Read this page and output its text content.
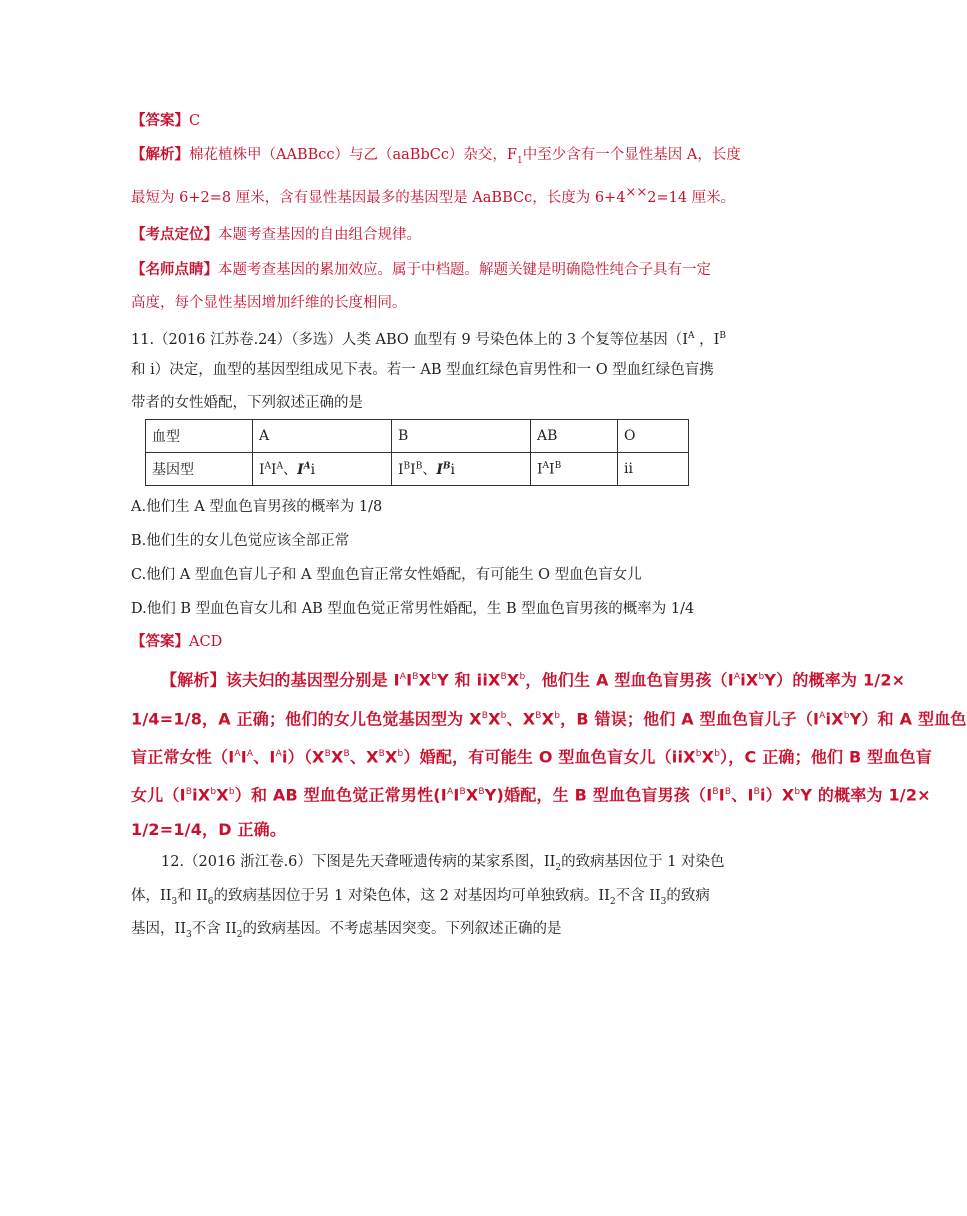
【答案】C
【解析】棉花植株甲（AABBcc）与乙（aaBbCc）杂交，$F_1$中至少含有一个显性基因 A，长度
最短为 6+2=8 厘米，含有显性基因最多的基因型是 AaBBCc，长度为 6+4××2=14 厘米。
【考点定位】本题考查基因的自由组合规律。
【名师点睛】本题考查基因的累加效应。属于中档题。解题关键是明确隐性纯合子具有一定
高度，每个显性基因增加纤维的长度相同。
11.（2016 江苏卷.24）（多选）人类 ABO 血型有 9 号染色体上的 3 个复等位基因（$I^A$ ，$I^B$
和 i）决定，血型的基因型组成见下表。若一 AB 型血红绿色盲男性和一 O 型血红绿色盲携
带者的女性婚配，下列叙述正确的是
血型	A	B	AB	O
基因型	$I^AI^A$、$I^Ai$	$I^BI^B$、$I^Bi$	$I^AI^B$	ii
A.他们生 A 型血色盲男孩的概率为 1/8
B.他们生的女儿色觉应该全部正常
C.他们 A 型血色盲儿子和 A 型血色盲正常女性婚配，有可能生 O 型血色盲女儿
D.他们 B 型血色盲女儿和 AB 型血色觉正常男性婚配，生 B 型血色盲男孩的概率为 1/4
【答案】ACD
【解析】该夫妇的基因型分别是 $I^AI^BX^bY$ 和 $iiX^BX^b$，他们生 A 型血色盲男孩$(I^AiX^bY)$的概率为 1/2×
1/4=1/8，A 正确；他们的女儿色觉基因型为 $X^BX^b$、$X^BX^b$，B 错误；他们 A 型血色盲儿子$(I^AiX^bY)$和 A 型血色
盲正常女性（$I^AI^A$、$I^Ai)(X^BX^B$、$X^BX^b$）婚配，有可能生 O 型血色盲女儿$(iiX^bX^b)$，C 正确；他们 B 型血色盲
女儿$(I^BiX^bX^b)$和 AB 型血色觉正常男性$(I^AI^BX^BY)$婚配，生 B 型血色盲男孩（$I^BI^B$、$I^Bi)X^bY$ 的概率为 1/2×
1/2=1/4，D 正确。
12.（2016 浙江卷.6）下图是先天聋哑遗传病的某家系图，$II_2$的致病基因位于 1 对染色
体，$II_3$和 $II_6$的致病基因位于另 1 对染色体，这 2 对基因均可单独致病。$II_2$不含 $II_3$的致病
基因，$II_3$不含 $II_2$的致病基因。不考虑基因突变。下列叙述正确的是
